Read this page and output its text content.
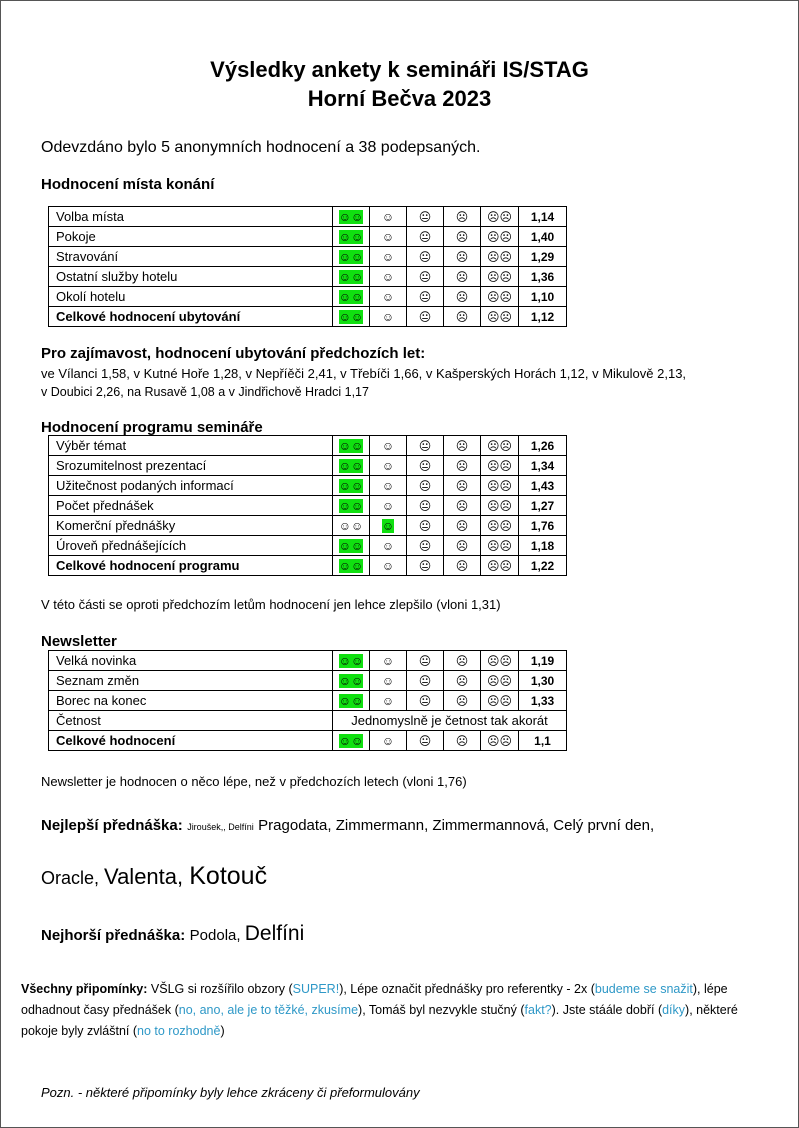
Výsledky ankety k semináři IS/STAG
Horní Bečva 2023
Odevzdáno bylo 5 anonymních hodnocení a 38 podepsaných.
Hodnocení místa konání
Volba místa	☺☺	☺	😐	☹	☹☹	1,14
Pokoje	☺☺	☺	😐	☹	☹☹	1,40
Stravování	☺☺	☺	😐	☹	☹☹	1,29
Ostatní služby hotelu	☺☺	☺	😐	☹	☹☹	1,36
Okolí hotelu	☺☺	☺	😐	☹	☹☹	1,10
Celkové hodnocení ubytování	☺☺	☺	😐	☹	☹☹	1,12
Pro zajímavost, hodnocení ubytování předchozích let:
ve Vílanci 1,58, v Kutné Hoře 1,28, v Nepříěči 2,41, v Třebíči 1,66, v Kašperských Horách 1,12, v Mikulově 2,13,
v Doubici 2,26, na Rusavě 1,08 a v Jindřichově Hradci 1,17
Hodnocení programu semináře
Výběr témat	☺☺	☺	😐	☹	☹☹	1,26
Srozumitelnost prezentací	☺☺	☺	😐	☹	☹☹	1,34
Užitečnost podaných informací	☺☺	☺	😐	☹	☹☹	1,43
Počet přednášek	☺☺	☺	😐	☹	☹☹	1,27
Komerční přednášky	☺☺	☺	😐	☹	☹☹	1,76
Úroveň přednášejících	☺☺	☺	😐	☹	☹☹	1,18
Celkové hodnocení programu	☺☺	☺	😐	☹	☹☹	1,22
V této části se oproti předchozím letům hodnocení jen lehce zlepšilo (vloni 1,31)
Newsletter
Velká novinka	☺☺	☺	😐	☹	☹☹	1,19
Seznam změn	☺☺	☺	😐	☹	☹☹	1,30
Borec na konec	☺☺	☺	😐	☹	☹☹	1,33
Četnost	Jednomyslně je četnost tak akorát					
Celkové hodnocení	☺☺	☺	😐	☹	☹☹	1,1
Newsletter je hodnocen o něco lépe, než v předchozích letech (vloni 1,76)
Nejlepší přednáška: Jiroušek,, Delfíni Pragodata, Zimmermann, Zimmermannová, Celý první den,
Oracle, Valenta, Kotouč
Nejhorší přednáška: Podola, Delfíni
Všechny připomínky: VŠLG si rozšířilo obzory (SUPER!), Lépe označit přednášky pro referentky - 2x (budeme se snažit), lépe odhadnout časy přednášek (no, ano, ale je to těžké, zkusíme), Tomáš byl nezvykle stučný (fakt?). Jste stáále dobří (díky), některé pokoje byly zvláštní (no to rozhodně)
Pozn. - některé připomínky byly lehce zkráceny či přeformulovány
